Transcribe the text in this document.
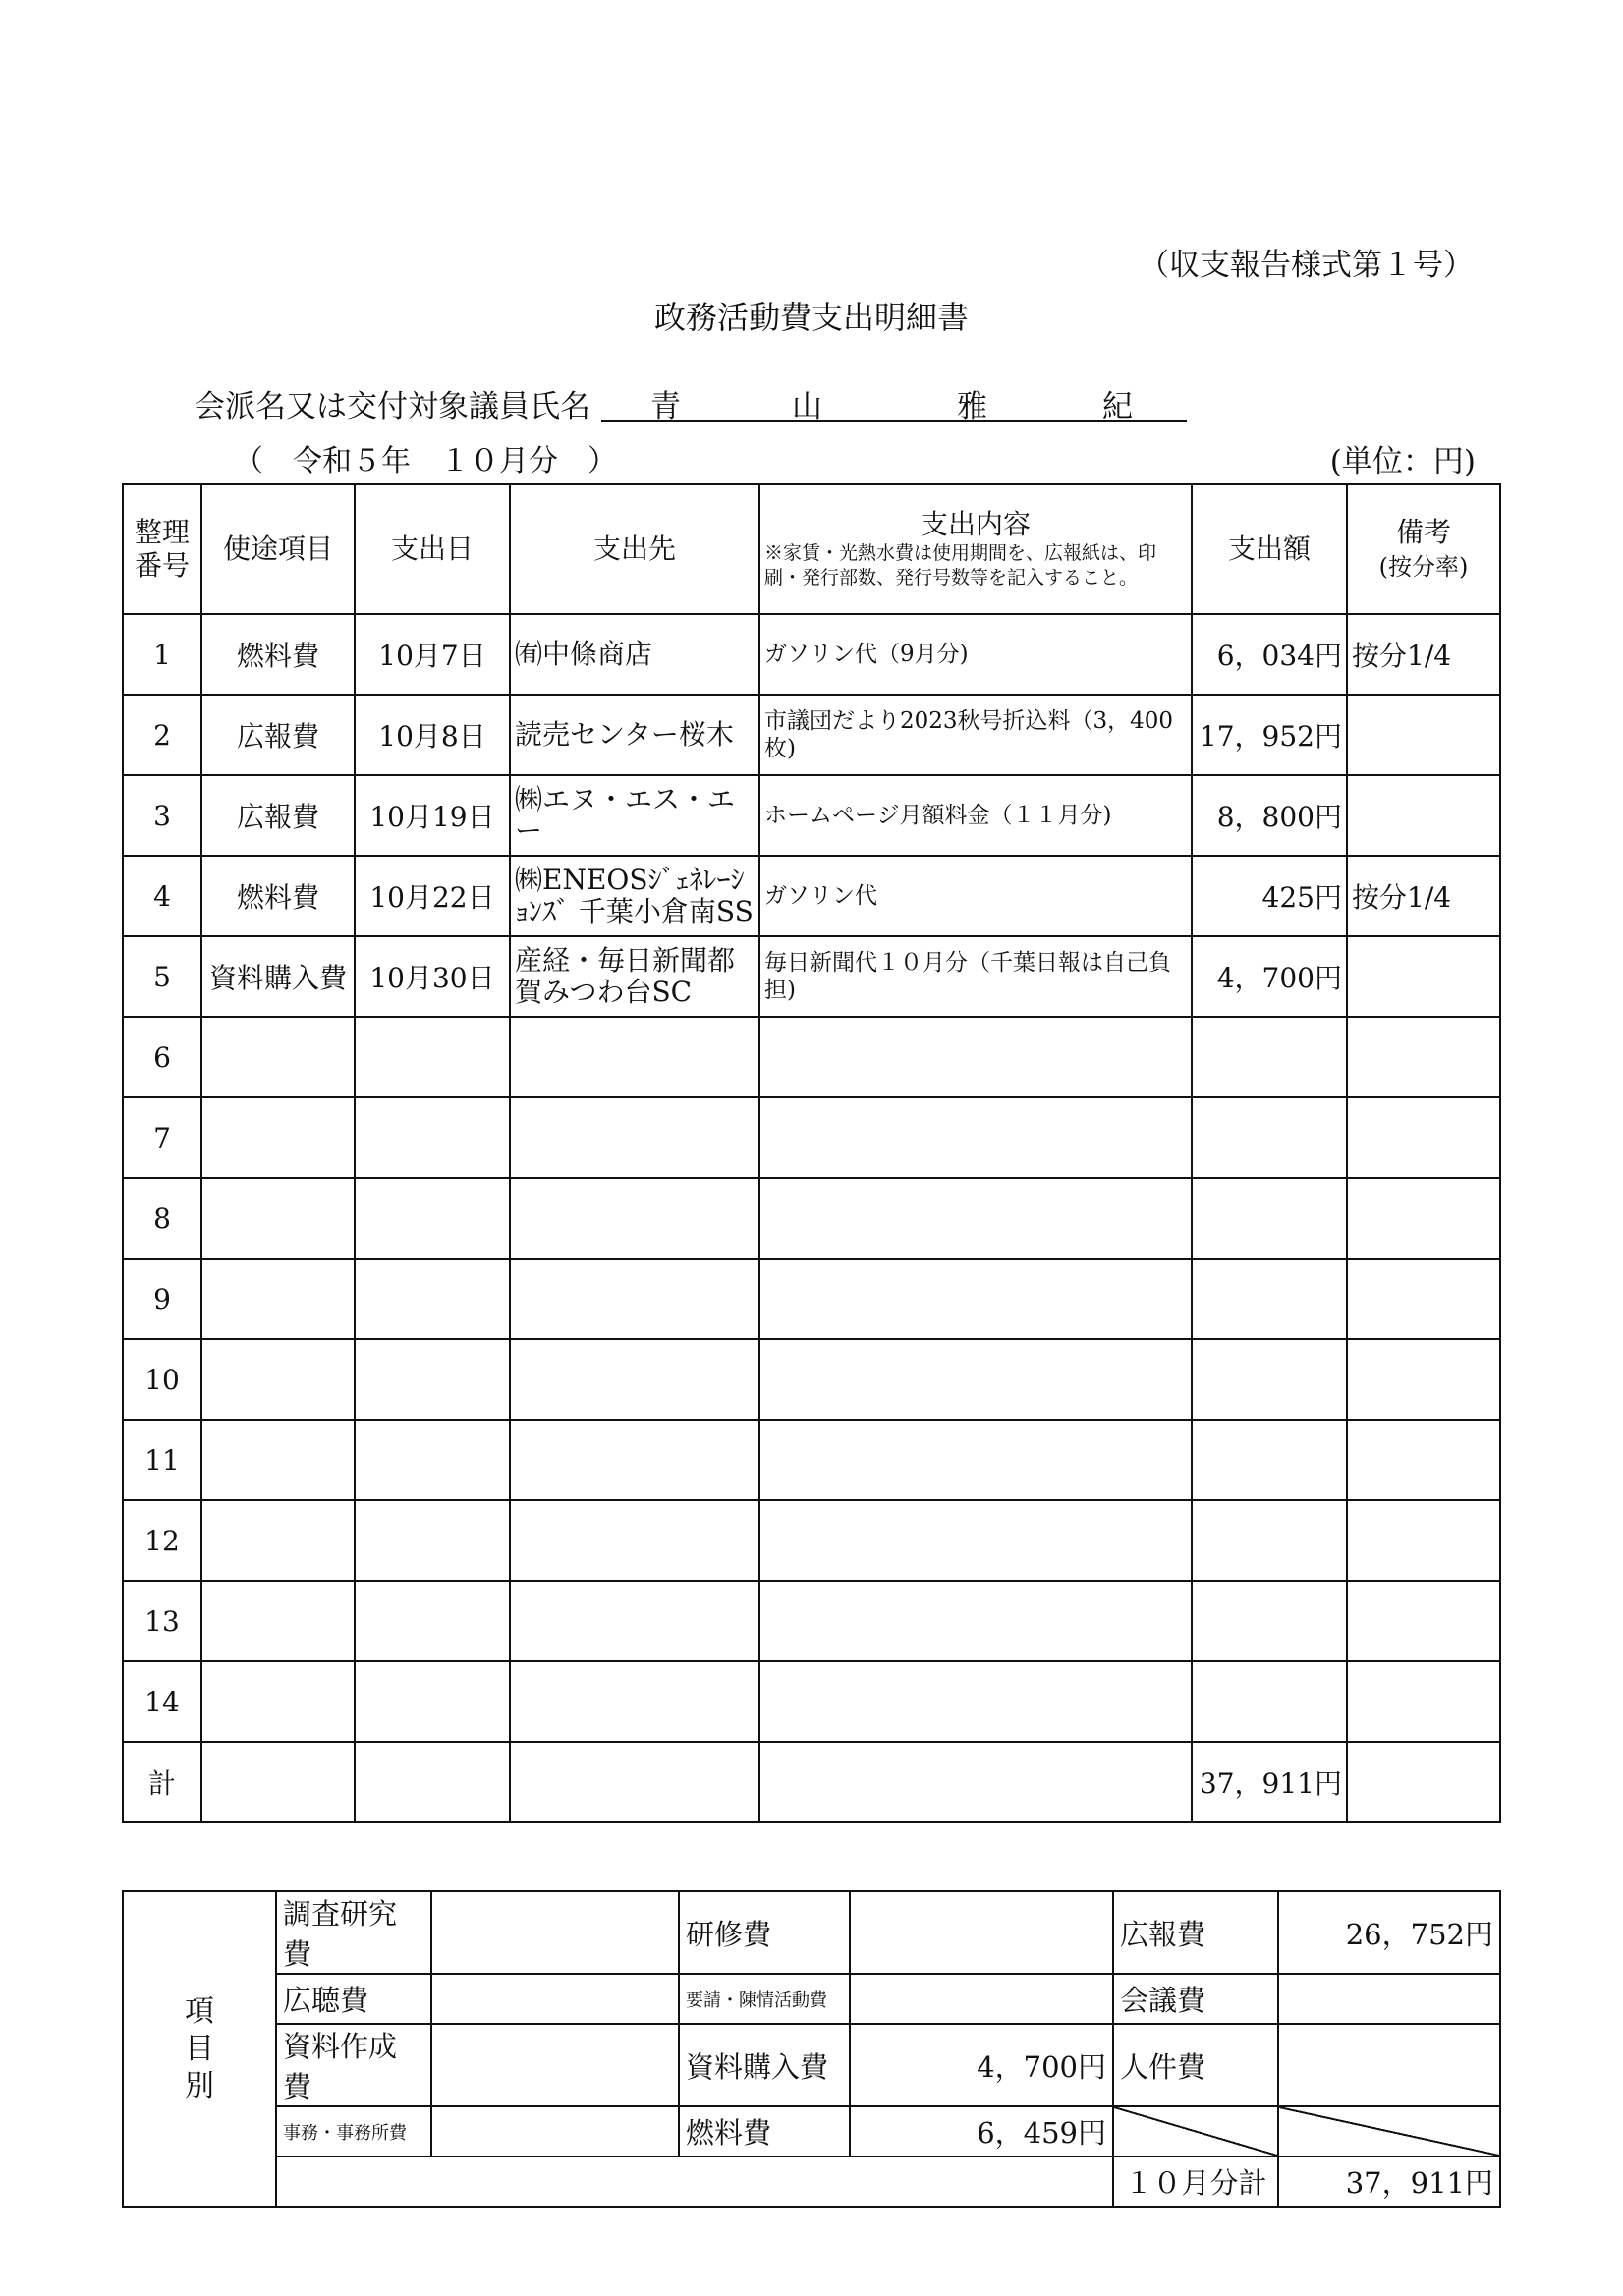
（収支報告様式第１号）
政務活動費支出明細書
会派名又は交付対象議員氏名 青	山	雅	紀
（　令和５年　１０月分　）	(単位：円)
整理
番号	使途項目	支出日	支出先	支出内容
※家賃・光熱水費は使用期間を、広報紙は、印刷・発行部数、発行号数等を記入すること。	支出額	備考
(按分率)
1	燃料費	10月7日	㈲中條商店	ガソリン代（9月分)	6，034円	按分1/4
2	広報費	10月8日	読売センター桜木	市議団だより2023秋号折込料（3，400枚)	17，952円	
3	広報費	10月19日	㈱エヌ・エス・エー	ホームページ月額料金（１１月分)	8，800円	
4	燃料費	10月22日	㈱ENEOSｼﾞｪﾈﾚｰｼｮﾝｽﾞ 千葉小倉南SS	ガソリン代	425円	按分1/4
5	資料購入費	10月30日	産経・毎日新聞都賀みつわ台SC	毎日新聞代１０月分（千葉日報は自己負担)	4，700円	
6						
7						
8						
9						
10						
11						
12						
13						
14						
計					37，911円	
項
目
別	調査研究費		研修費		広報費	26，752円
	広聴費		要請・陳情活動費		会議費	
	資料作成費		資料購入費	4，700円	人件費	
	事務・事務所費		燃料費	6，459円		
					１０月分計	37，911円
